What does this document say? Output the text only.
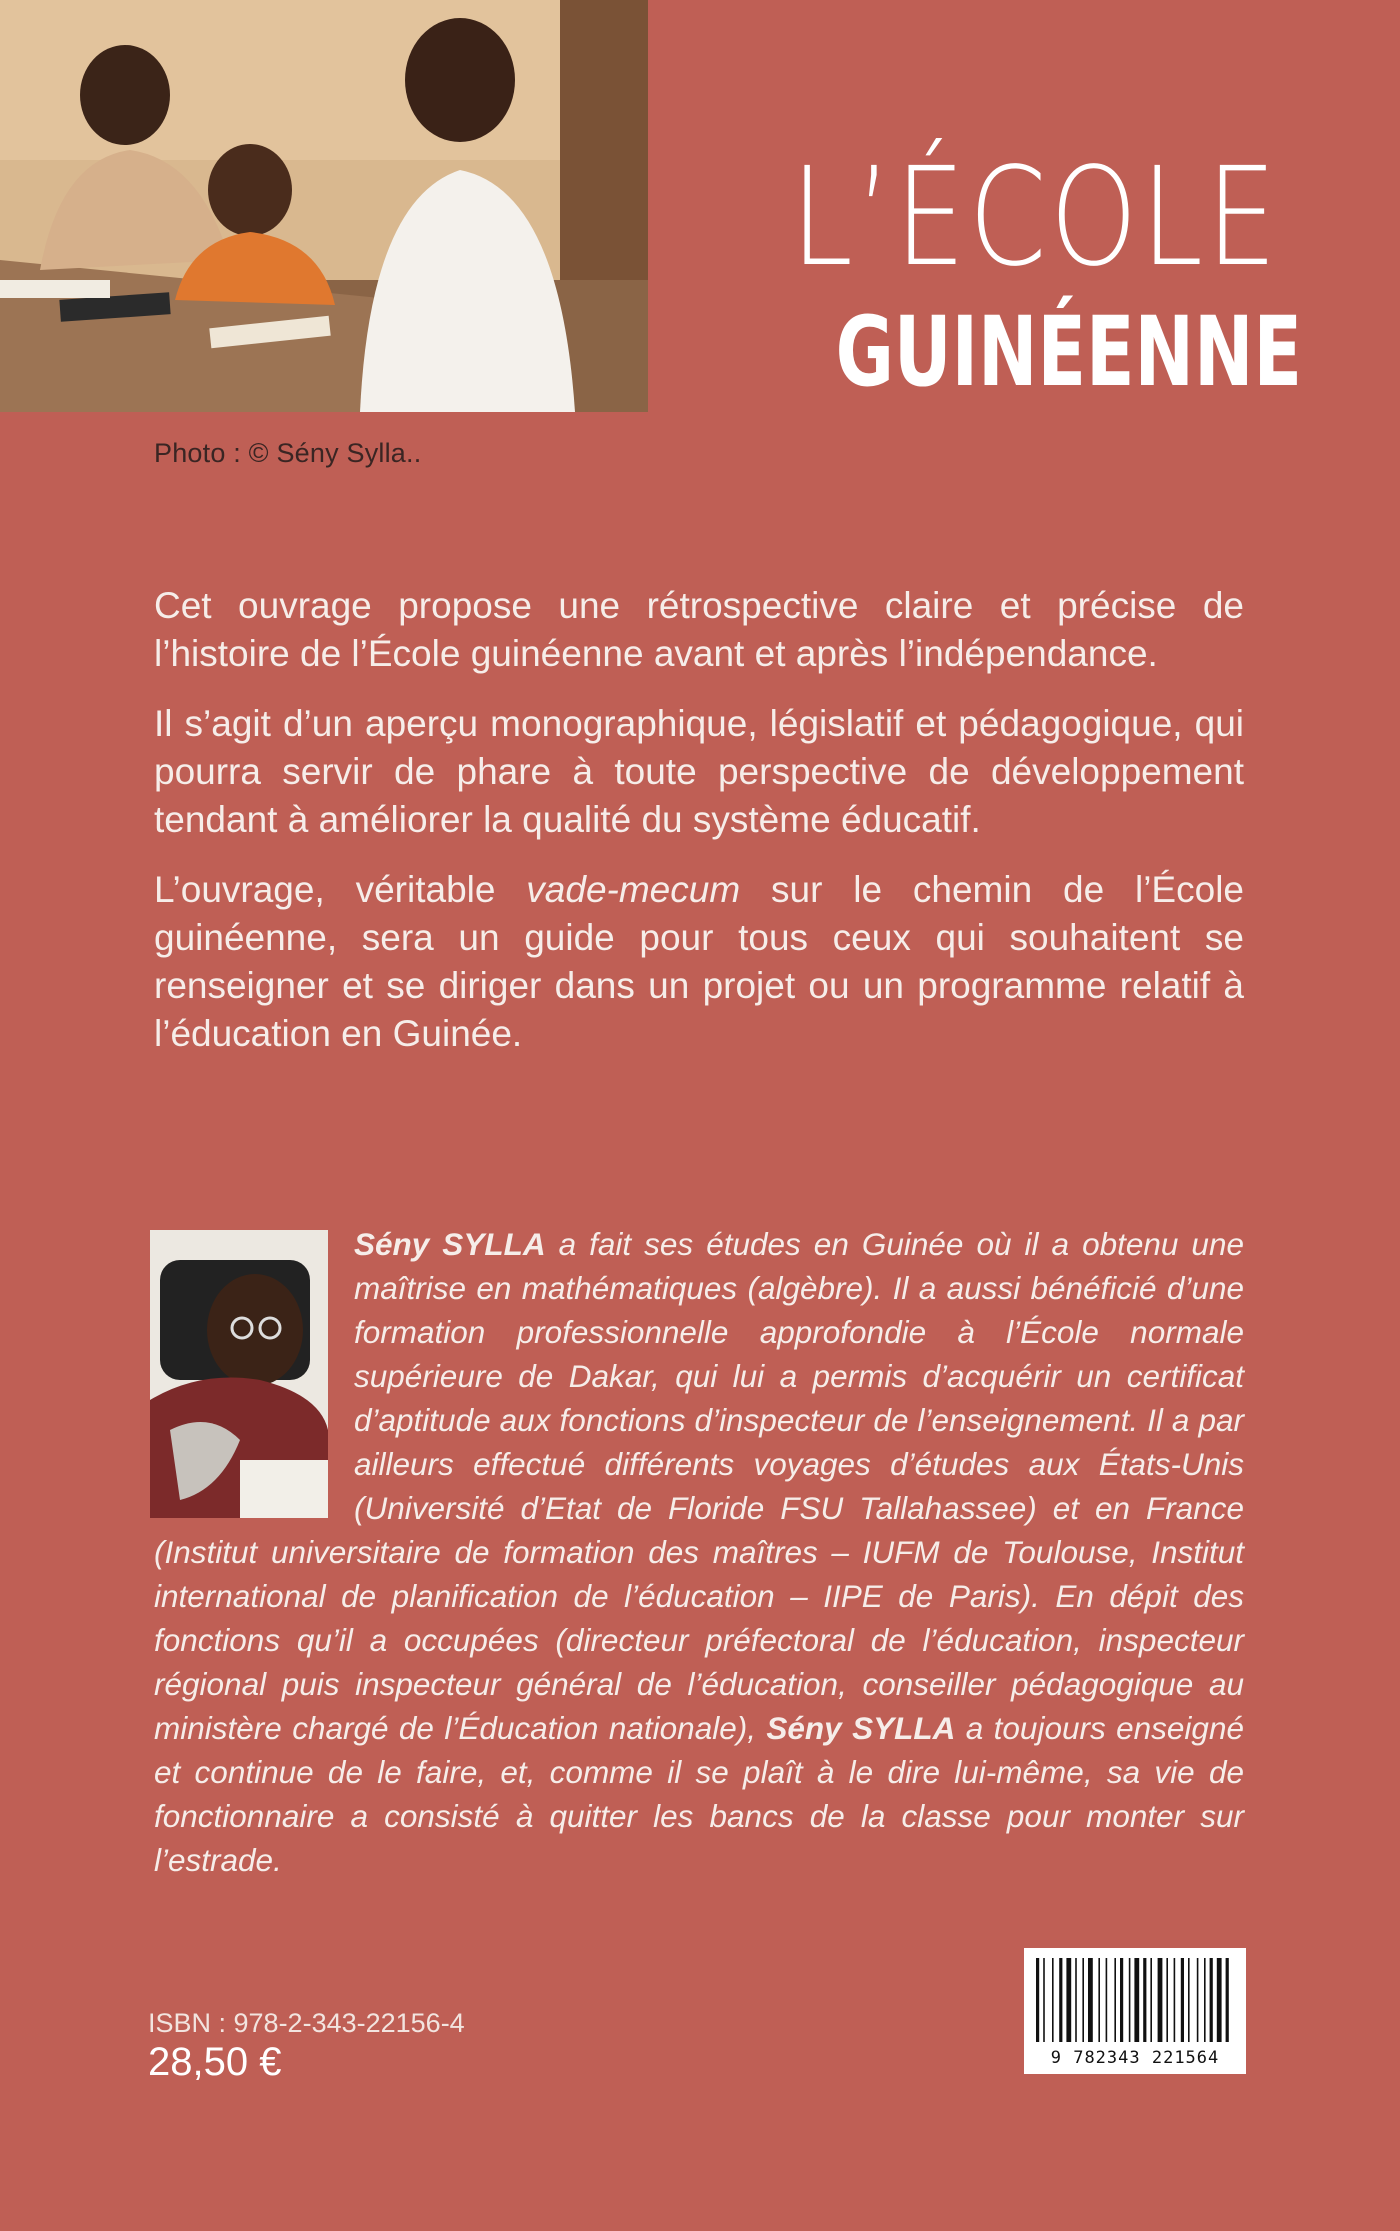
Photo : © Sény Sylla..
L’ÉCOLE
GUINÉENNE

Cet ouvrage propose une rétrospective claire et précise de l’histoire de l’École guinéenne avant et après l’indépendance.

Il s’agit d’un aperçu monographique, législatif et pédagogique, qui pourra servir de phare à toute perspective de développement tendant à améliorer la qualité du système éducatif.

L’ouvrage, véritable vade-mecum sur le chemin de l’École guinéenne, sera un guide pour tous ceux qui souhaitent se renseigner et se diriger dans un projet ou un programme relatif à l’éducation en Guinée.

Sény SYLLA a fait ses études en Guinée où il a obtenu une maîtrise en mathématiques (algèbre). Il a aussi bénéficié d’une formation professionnelle approfondie à l’École normale supérieure de Dakar, qui lui a permis d’acquérir un certificat d’aptitude aux fonctions d’inspecteur de l’enseignement. Il a par ailleurs effectué différents voyages d’études aux États-Unis (Université d’Etat de Floride FSU Tallahassee) et en France (Institut universitaire de formation des maîtres – IUFM de Toulouse, Institut international de planification de l’éducation – IIPE de Paris). En dépit des fonctions qu’il a occupées (directeur préfectoral de l’éducation, inspecteur régional puis inspecteur général de l’éducation, conseiller pédagogique au ministère chargé de l’Éducation nationale), Sény SYLLA a toujours enseigné et continue de le faire, et, comme il se plaît à le dire lui-même, sa vie de fonctionnaire a consisté à quitter les bancs de la classe pour monter sur l’estrade.
ISBN : 978-2-343-22156-4
28,50 €	9 782343 221564
